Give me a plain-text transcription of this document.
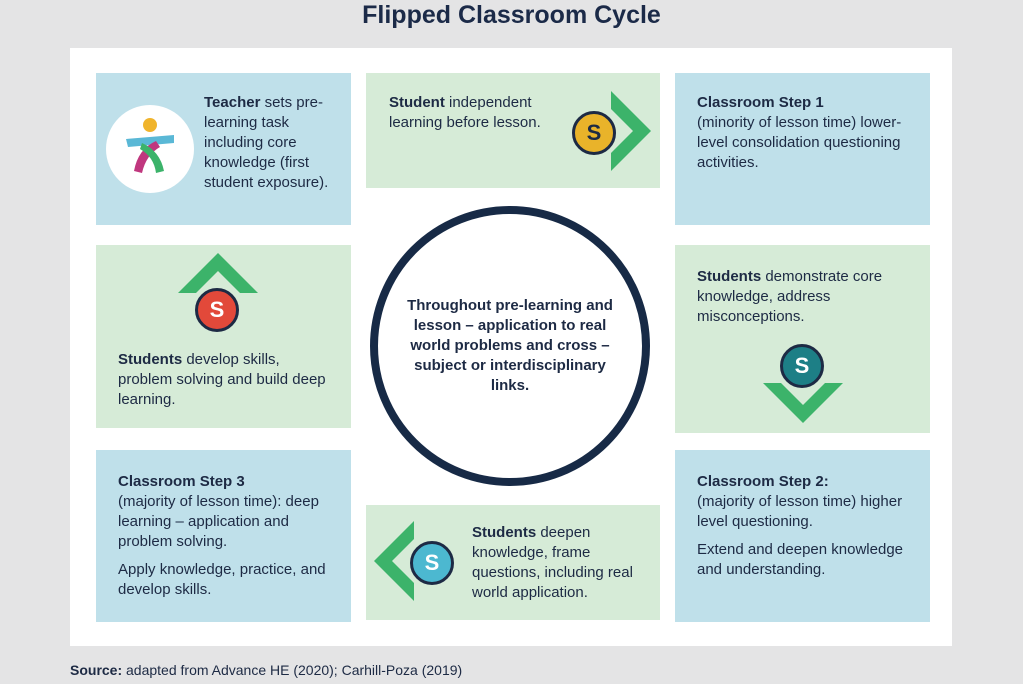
Flipped Classroom Cycle

Teacher sets pre-learning task including core knowledge (first student exposure).

Student independent learning before lesson.	S

Classroom Step 1
(minority of lesson time) lower-level consolidation questioning activities.

Students develop skills, problem solving and build deep learning.

S	Throughout pre-learning and lesson – application to real world problems and cross – subject or interdisciplinary links.

Students demonstrate core knowledge, address misconceptions.

S

Classroom Step 3
(majority of lesson time): deep learning – application and problem solving.

Apply knowledge, practice, and develop skills.

Students deepen knowledge, frame questions, including real world application.

S

Classroom Step 2:
(majority of lesson time) higher level questioning.

Extend and deepen knowledge and understanding.

Source: adapted from Advance HE (2020); Carhill-Poza (2019)
